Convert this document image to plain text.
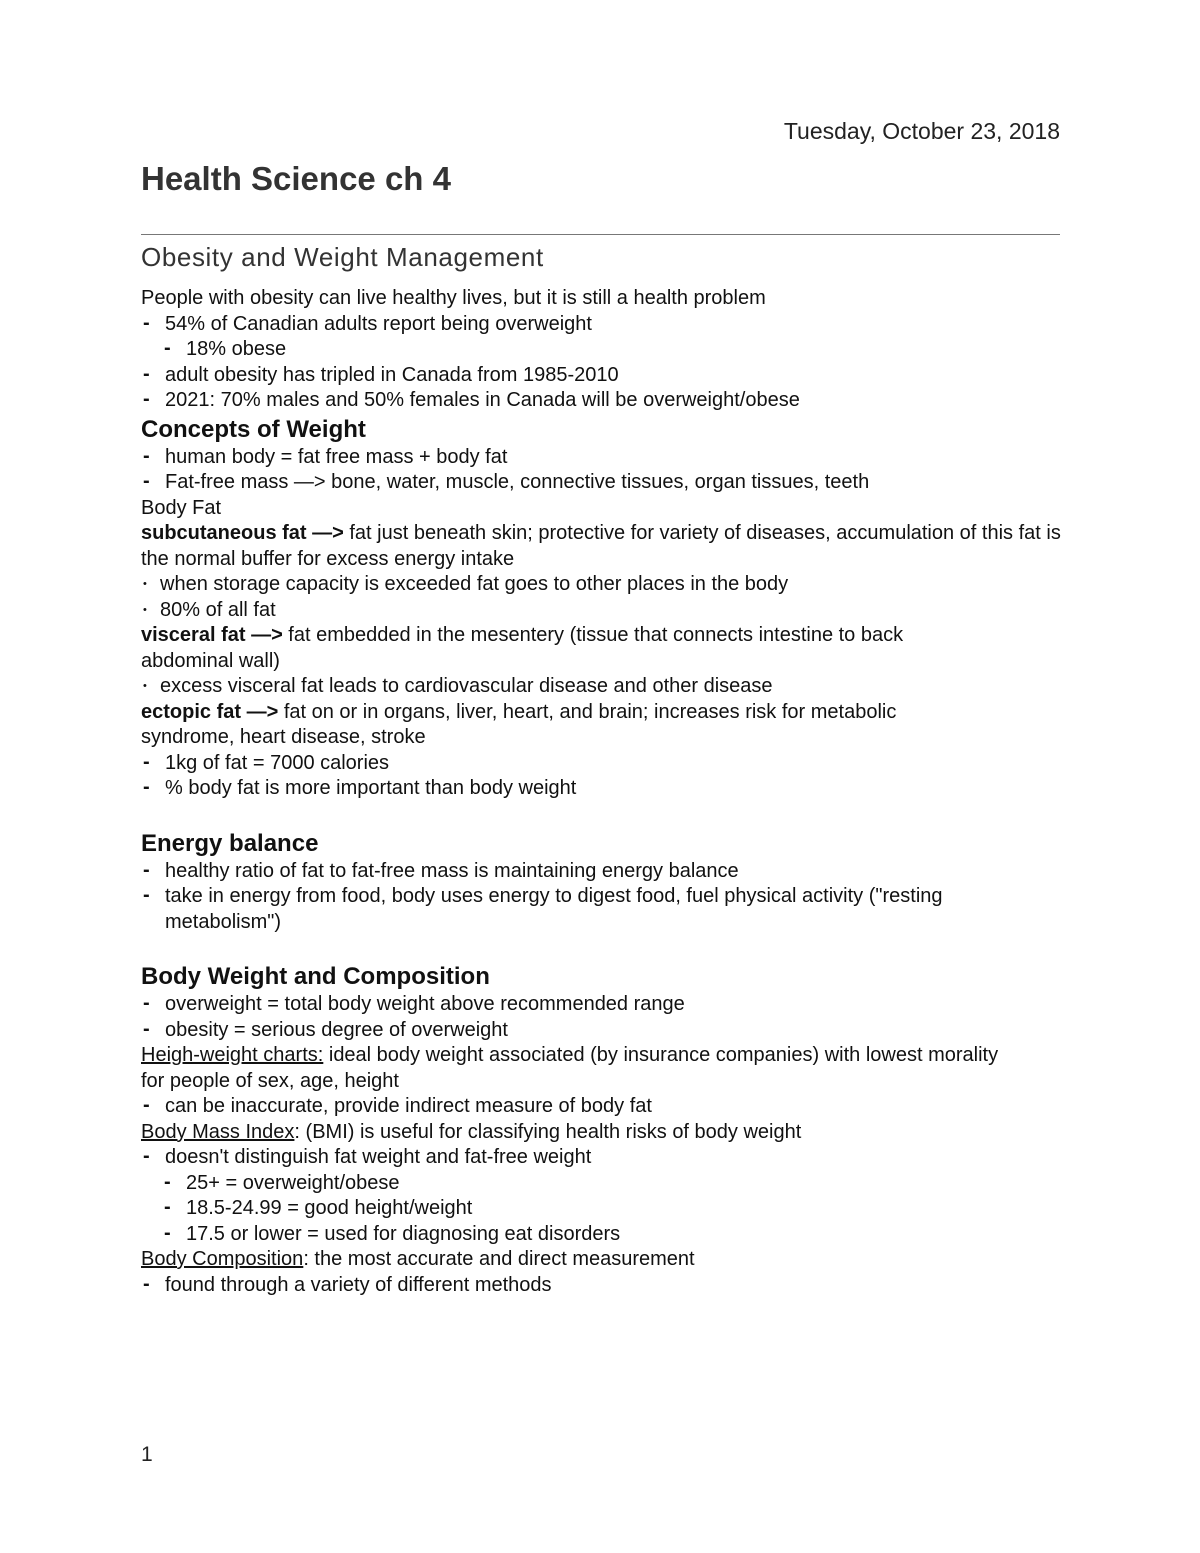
Tuesday, October 23, 2018
Health Science ch 4
Obesity and Weight Management
People with obesity can live healthy lives, but it is still a health problem
- 54% of Canadian adults report being overweight
- 18% obese
- adult obesity has tripled in Canada from 1985-2010
- 2021: 70% males and 50% females in Canada will be overweight/obese
Concepts of Weight
- human body = fat free mass + body fat
- Fat-free mass —> bone, water, muscle, connective tissues, organ tissues, teeth
Body Fat
subcutaneous fat —> fat just beneath skin; protective for variety of diseases, accumulation of this fat is the normal buffer for excess energy intake
• when storage capacity is exceeded fat goes to other places in the body
• 80% of all fat
visceral fat —> fat embedded in the mesentery (tissue that connects intestine to back abdominal wall)
• excess visceral fat leads to cardiovascular disease and other disease
ectopic fat —> fat on or in organs, liver, heart, and brain; increases risk for metabolic syndrome, heart disease, stroke
- 1kg of fat = 7000 calories
- % body fat is more important than body weight
Energy balance
- healthy ratio of fat to fat-free mass is maintaining energy balance
- take in energy from food, body uses energy to digest food, fuel physical activity ("resting metabolism")
Body Weight and Composition
- overweight = total body weight above recommended range
- obesity = serious degree of overweight
Heigh-weight charts: ideal body weight associated (by insurance companies) with lowest morality for people of sex, age, height
- can be inaccurate, provide indirect measure of body fat
Body Mass Index: (BMI) is useful for classifying health risks of body weight
- doesn't distinguish fat weight and fat-free weight
- 25+ = overweight/obese
- 18.5-24.99 = good height/weight
- 17.5 or lower = used for diagnosing eat disorders
Body Composition: the most accurate and direct measurement
- found through a variety of different methods
1
